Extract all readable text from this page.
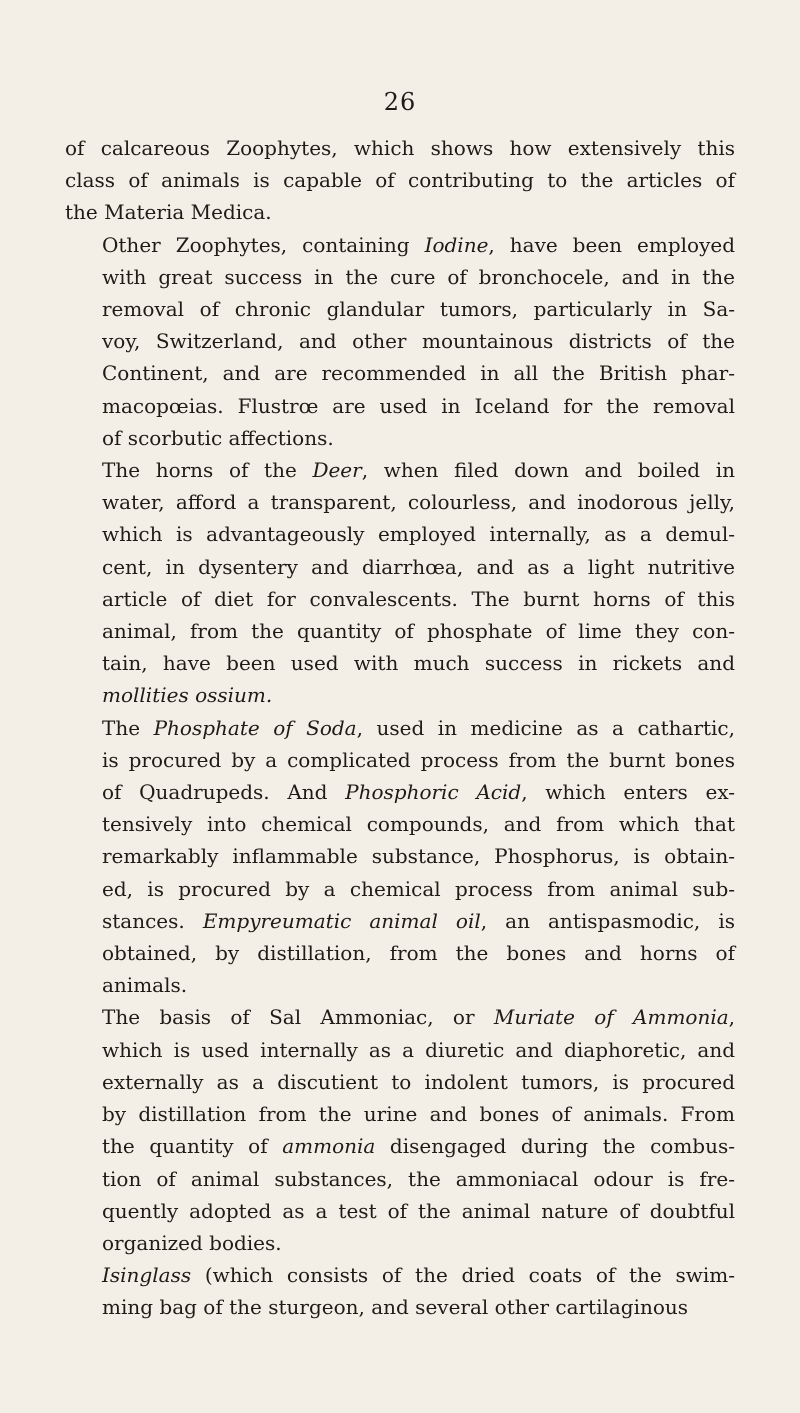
26

of calcareous Zoophytes, which shows how extensively this
class of animals is capable of contributing to the articles of
the Materia Medica.

Other Zoophytes, containing Iodine, have been employed
with great success in the cure of bronchocele, and in the
removal of chronic glandular tumors, particularly in Sa-
voy, Switzerland, and other mountainous districts of the
Continent, and are recommended in all the British phar-
macopœias. Flustrœ are used in Iceland for the removal
of scorbutic affections.

The horns of the Deer, when filed down and boiled in
water, afford a transparent, colourless, and inodorous jelly,
which is advantageously employed internally, as a demul-
cent, in dysentery and diarrhœa, and as a light nutritive
article of diet for convalescents. The burnt horns of this
animal, from the quantity of phosphate of lime they con-
tain, have been used with much success in rickets and
mollities ossium.

The Phosphate of Soda, used in medicine as a cathartic,
is procured by a complicated process from the burnt bones
of Quadrupeds. And Phosphoric Acid, which enters ex-
tensively into chemical compounds, and from which that
remarkably inflammable substance, Phosphorus, is obtain-
ed, is procured by a chemical process from animal sub-
stances. Empyreumatic animal oil, an antispasmodic, is
obtained, by distillation, from the bones and horns of
animals.

The basis of Sal Ammoniac, or Muriate of Ammonia,
which is used internally as a diuretic and diaphoretic, and
externally as a discutient to indolent tumors, is procured
by distillation from the urine and bones of animals. From
the quantity of ammonia disengaged during the combus-
tion of animal substances, the ammoniacal odour is fre-
quently adopted as a test of the animal nature of doubtful
organized bodies.

Isinglass (which consists of the dried coats of the swim-
ming bag of the sturgeon, and several other cartilaginous
